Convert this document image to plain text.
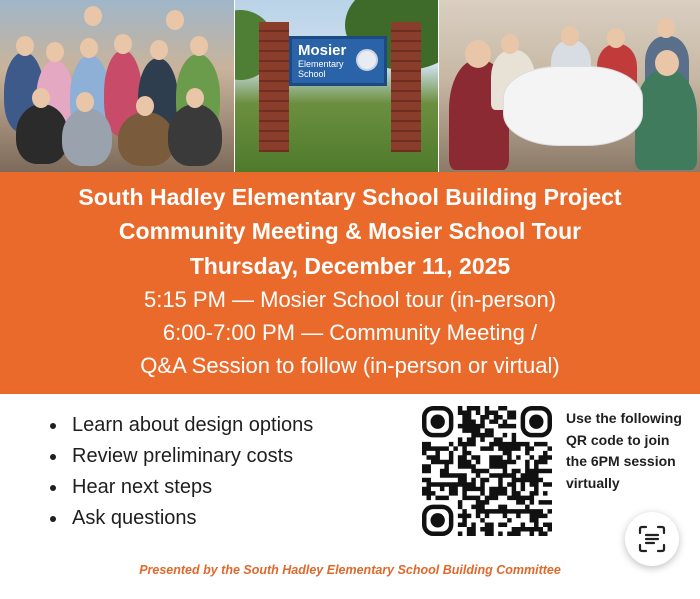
Mosier
Elementary
School
South Hadley Elementary School Building Project
Community Meeting & Mosier School Tour
Thursday, December 11, 2025
5:15 PM — Mosier School tour (in-person)
6:00-7:00 PM — Community Meeting /
Q&A Session to follow (in-person or virtual)
Learn about design options
Review preliminary costs
Hear next steps
Ask questions
Use the following QR code to join the 6PM session virtually
Presented by the South Hadley Elementary School Building Committee
